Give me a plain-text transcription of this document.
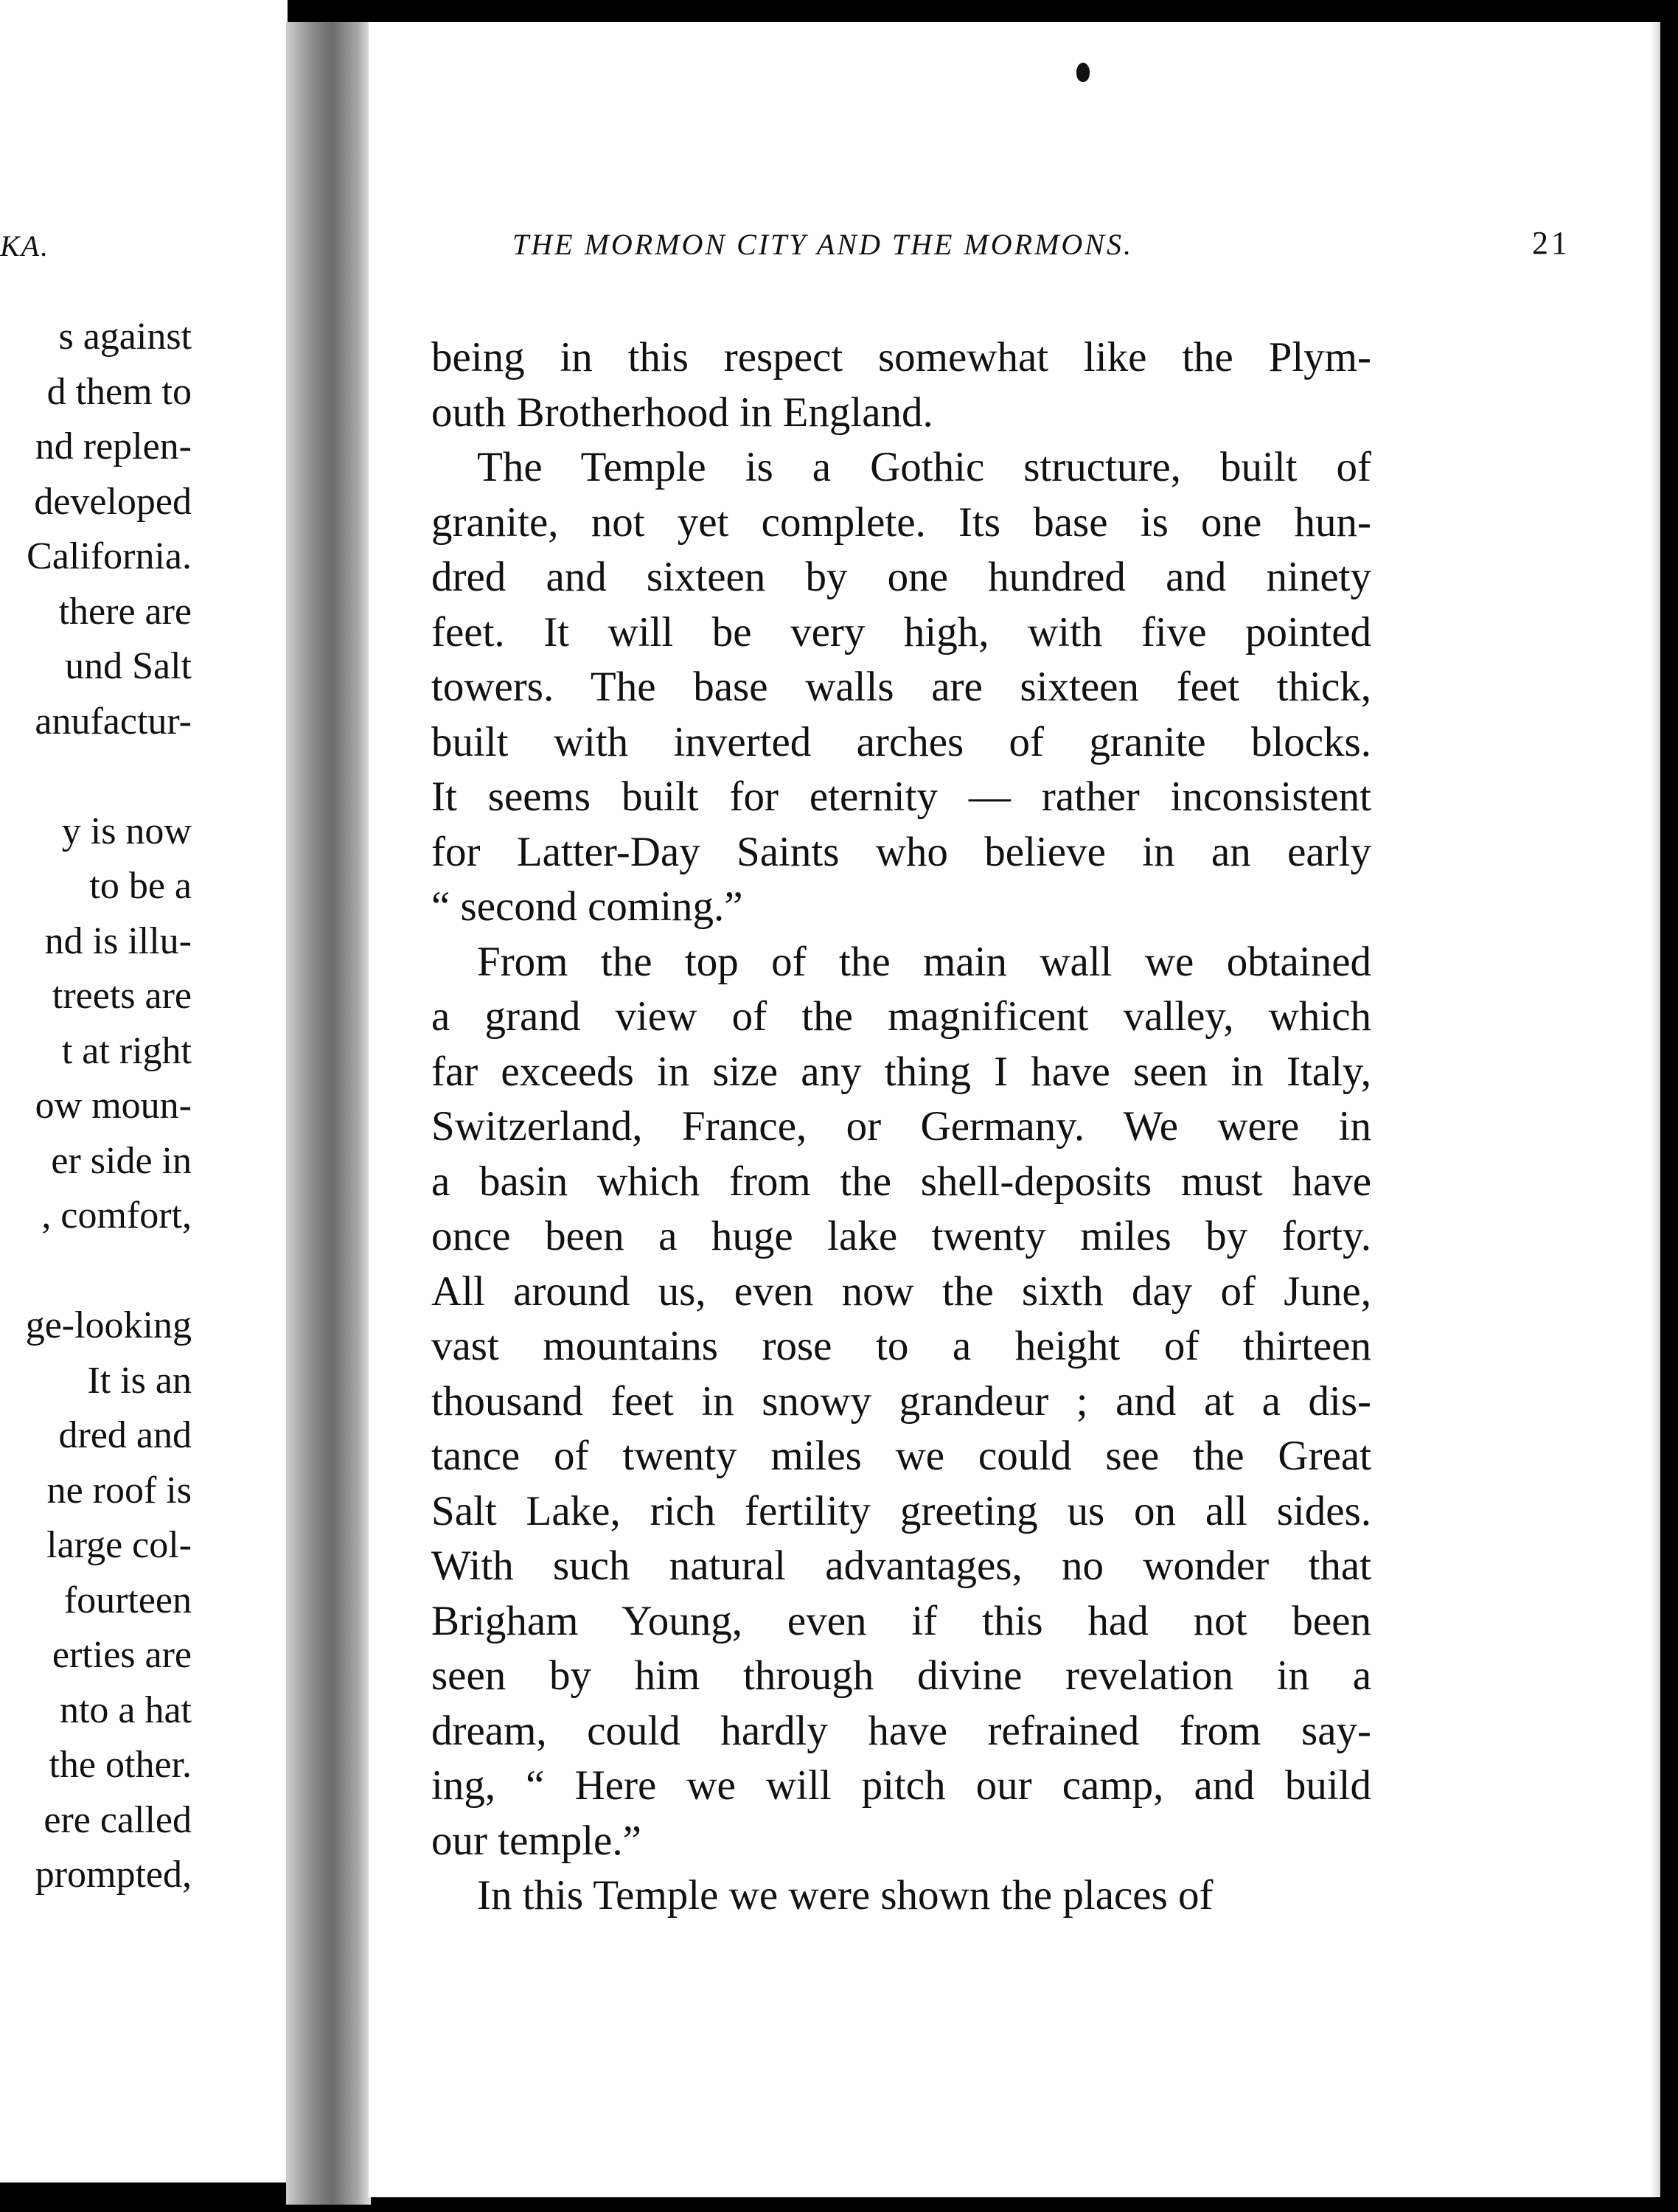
KA.
s against
d them to
nd replen-
developed
California.
there are
und Salt
anufactur-
y is now
to be a
nd is illu-
treets are
t at right
ow moun-
er side in
, comfort,
ge-looking
It is an
dred and
ne roof is
large col-
fourteen
erties are
nto a hat
the other.
ere called
prompted,
THE MORMON CITY AND THE MORMONS.	21
being in this respect somewhat like the Plym-
outh Brotherhood in England.
The Temple is a Gothic structure, built of
granite, not yet complete. Its base is one hun-
dred and sixteen by one hundred and ninety
feet. It will be very high, with five pointed
towers. The base walls are sixteen feet thick,
built with inverted arches of granite blocks.
It seems built for eternity — rather inconsistent
for Latter-Day Saints who believe in an early
“ second coming.”
From the top of the main wall we obtained
a grand view of the magnificent valley, which
far exceeds in size any thing I have seen in Italy,
Switzerland, France, or Germany. We were in
a basin which from the shell-deposits must have
once been a huge lake twenty miles by forty.
All around us, even now the sixth day of June,
vast mountains rose to a height of thirteen
thousand feet in snowy grandeur ; and at a dis-
tance of twenty miles we could see the Great
Salt Lake, rich fertility greeting us on all sides.
With such natural advantages, no wonder that
Brigham Young, even if this had not been
seen by him through divine revelation in a
dream, could hardly have refrained from say-
ing, “ Here we will pitch our camp, and build
our temple.”
In this Temple we were shown the places of
